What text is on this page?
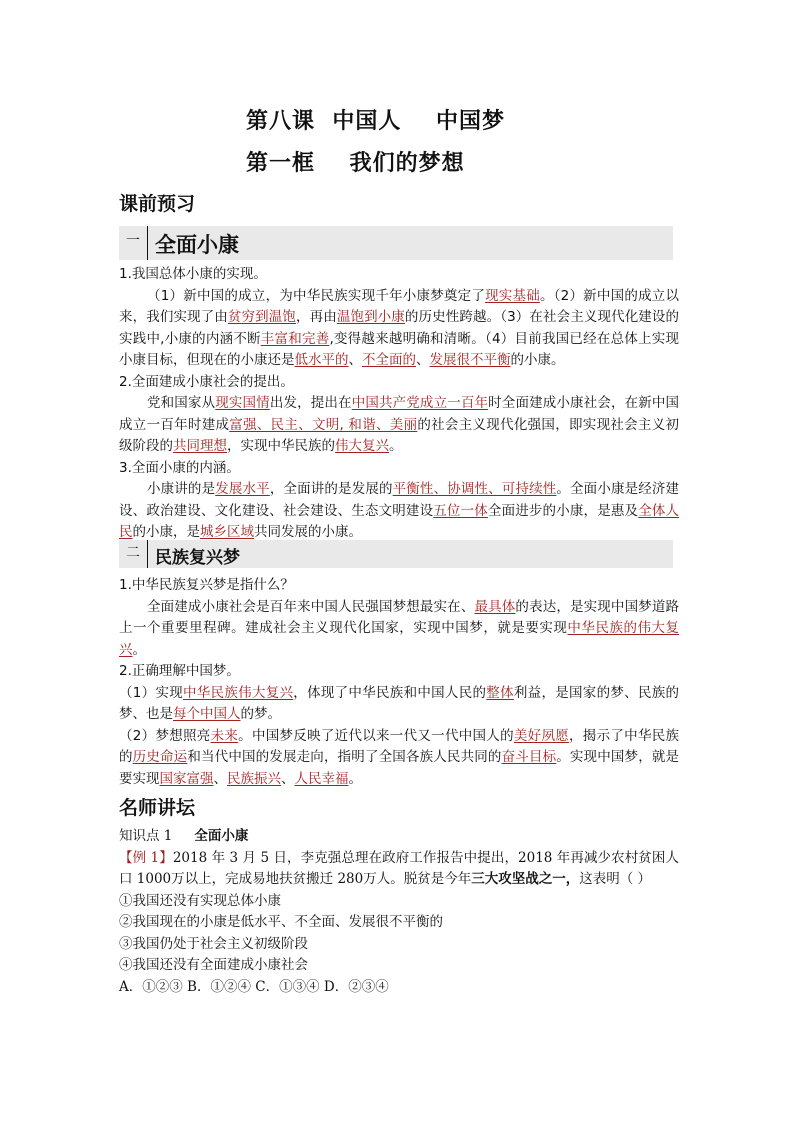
第八课  中国人    中国梦
第一框    我们的梦想
课前预习
一 全面小康

1.我国总体小康的实现。

（1）新中国的成立，为中华民族实现千年小康梦奠定了现实基础。（2）新中国的成立以来，我们实现了由贫穷到温饱，再由温饱到小康的历史性跨越。（3）在社会主义现代化建设的实践中,小康的内涵不断丰富和完善,变得越来越明确和清晰。（4）目前我国已经在总体上实现小康目标，但现在的小康还是低水平的、不全面的、发展很不平衡的小康。

2.全面建成小康社会的提出。

党和国家从现实国情出发，提出在中国共产党成立一百年时全面建成小康社会，在新中国成立一百年时建成富强、民主、文明, 和谐、美丽的社会主义现代化强国，即实现社会主义初级阶段的共同理想，实现中华民族的伟大复兴。

3.全面小康的内涵。

小康讲的是发展水平，全面讲的是发展的平衡性、协调性、可持续性。全面小康是经济建设、政治建设、文化建设、社会建设、生态文明建设五位一体全面进步的小康，是惠及全体人民的小康，是城乡区域共同发展的小康。

二 民族复兴梦

1.中华民族复兴梦是指什么？

全面建成小康社会是百年来中国人民强国梦想最实在、最具体的表达，是实现中国梦道路上一个重要里程碑。建成社会主义现代化国家，实现中国梦，就是要实现中华民族的伟大复兴。

2.正确理解中国梦。

（1）实现中华民族伟大复兴，体现了中华民族和中国人民的整体利益，是国家的梦、民族的梦、也是每个中国人的梦。

（2）梦想照亮未来。中国梦反映了近代以来一代又一代中国人的美好夙愿，揭示了中华民族的历史命运和当代中国的发展走向，指明了全国各族人民共同的奋斗目标。实现中国梦，就是要实现国家富强、民族振兴、人民幸福。

名师讲坛

知识点 1 全面小康

【例 1】2018 年 3 月 5 日，李克强总理在政府工作报告中提出，2018 年再减少农村贫困人口 1000万以上，完成易地扶贫搬迁 280万人。脱贫是今年三大攻坚战之一，这表明（ ）

①我国还没有实现总体小康

②我国现在的小康是低水平、不全面、发展很不平衡的

③我国仍处于社会主义初级阶段

④我国还没有全面建成小康社会

A．①②③ B．①②④ C．①③④ D．②③④
